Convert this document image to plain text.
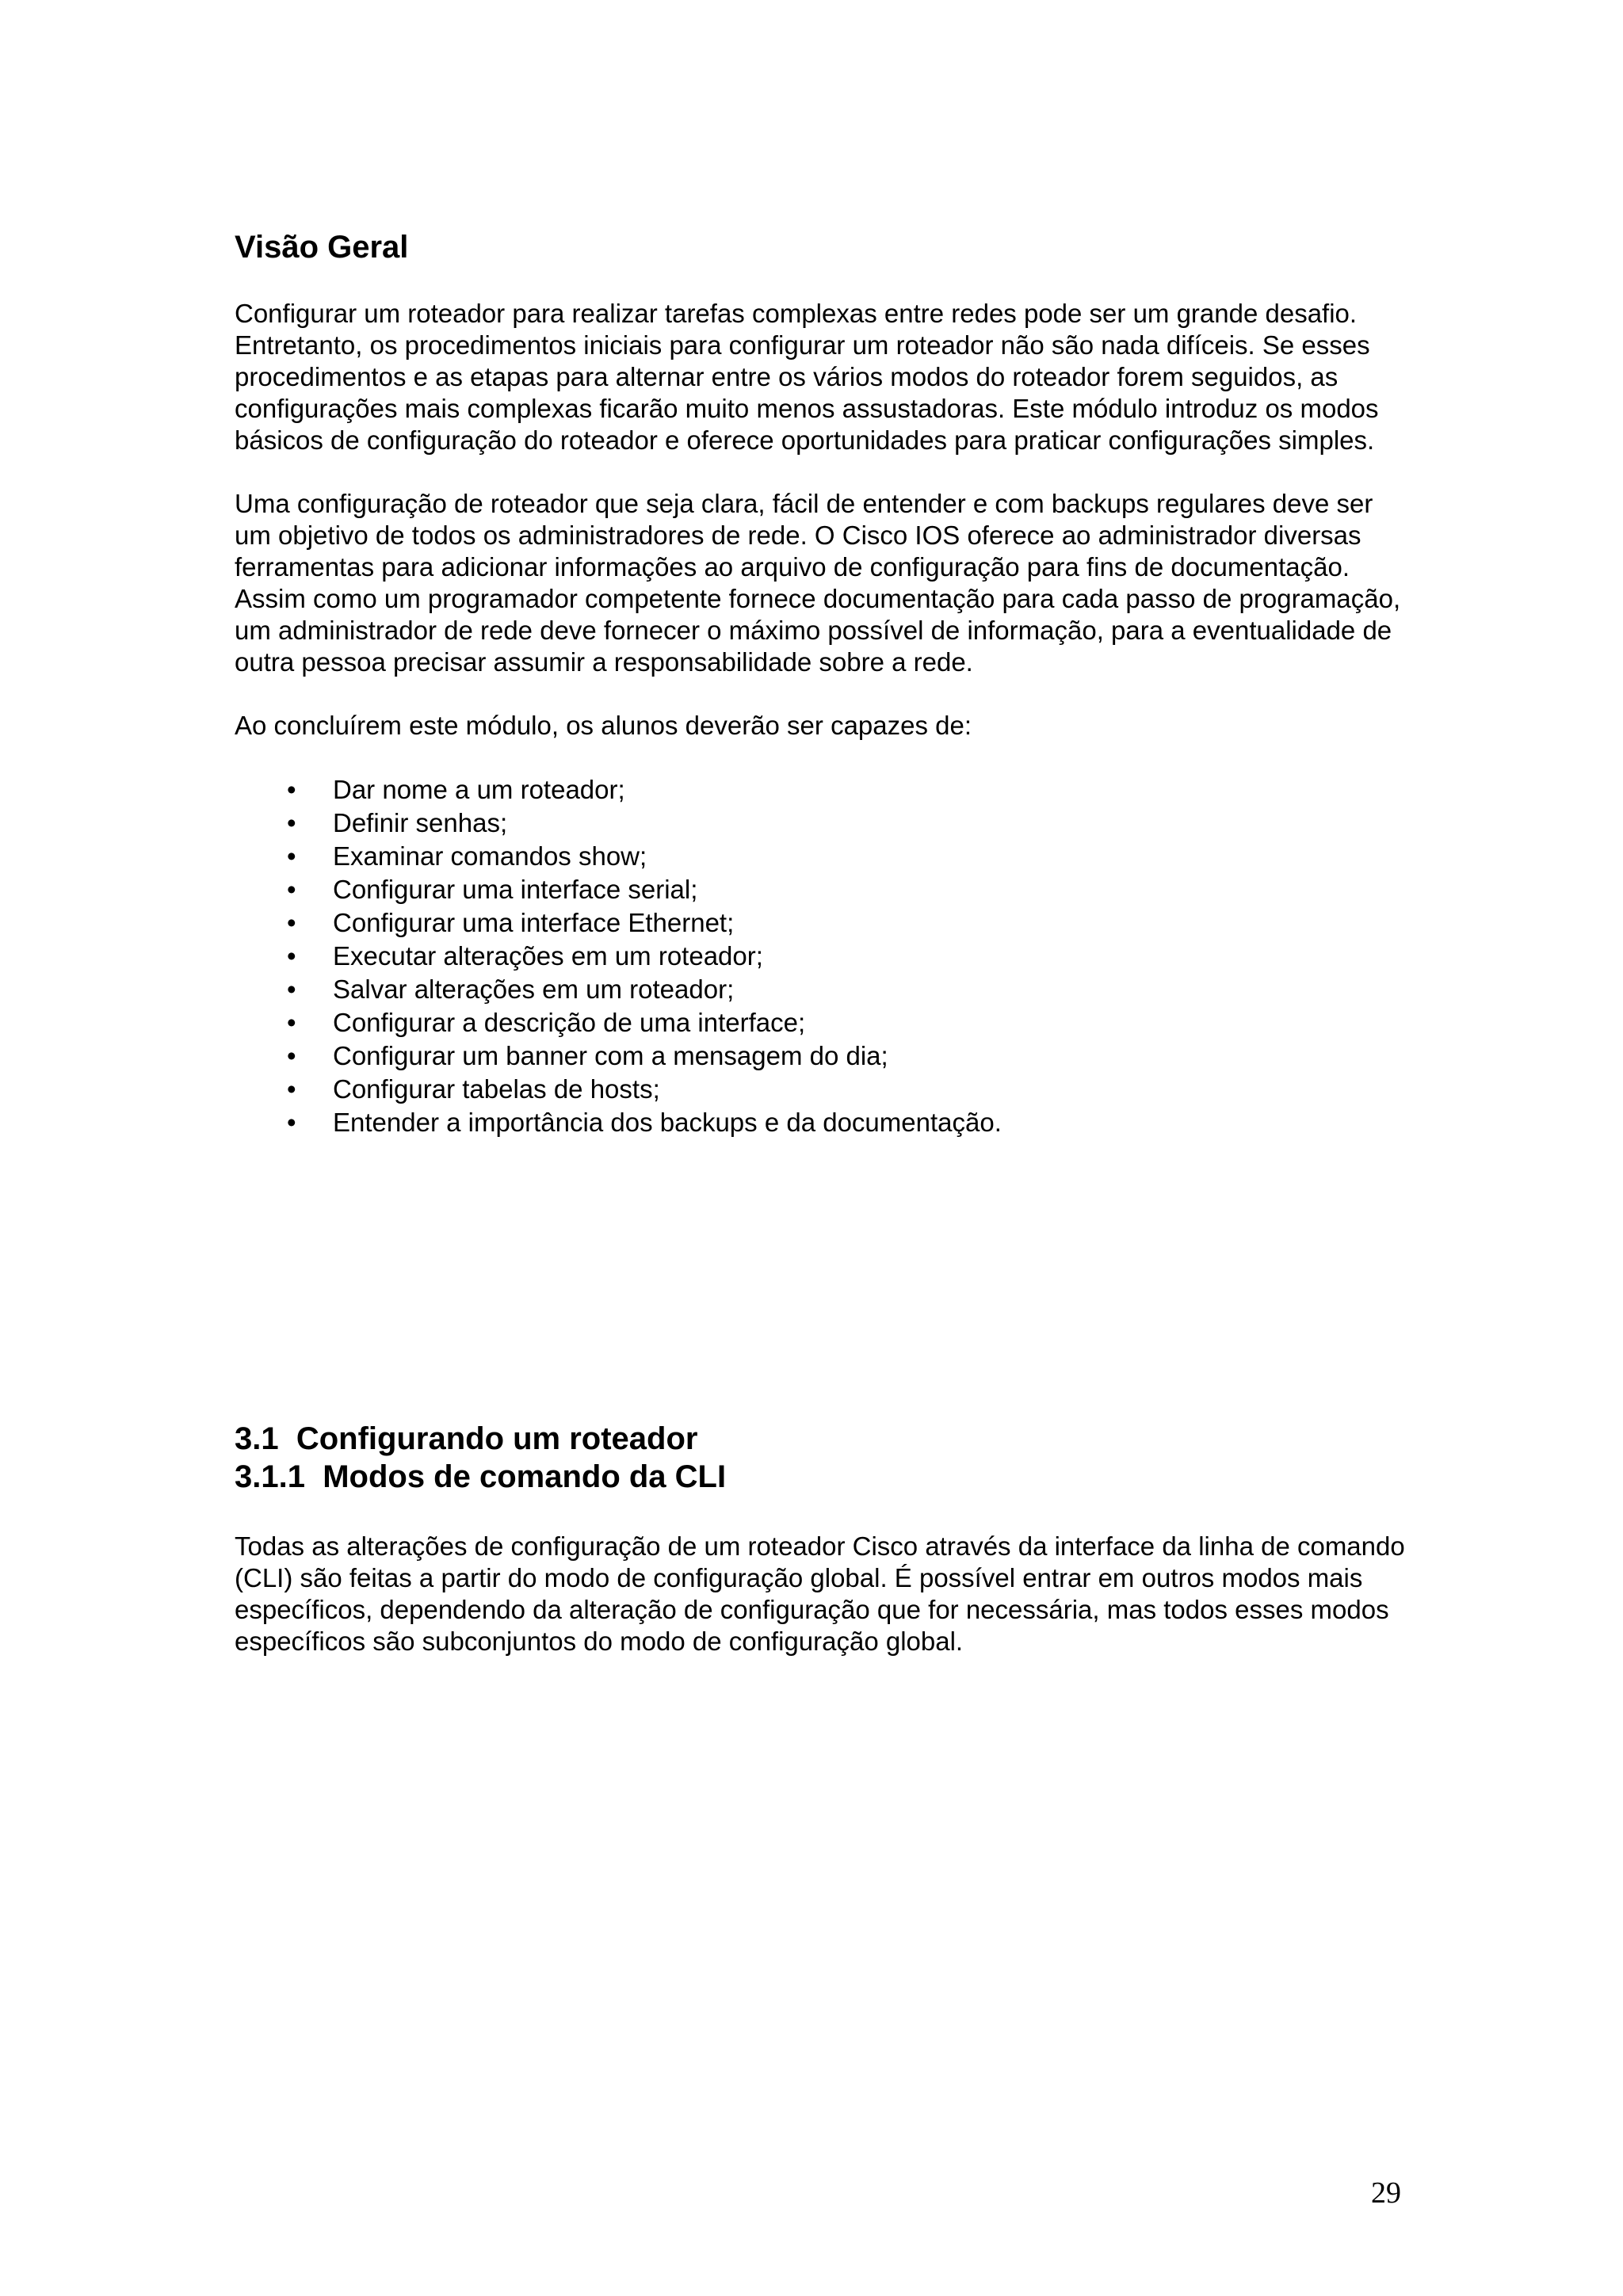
Visão Geral

Configurar um roteador para realizar tarefas complexas entre redes pode ser um grande desafio. Entretanto, os procedimentos iniciais para configurar um roteador não são nada difíceis. Se esses procedimentos e as etapas para alternar entre os vários modos do roteador forem seguidos, as configurações mais complexas ficarão muito menos assustadoras. Este módulo introduz os modos básicos de configuração do roteador e oferece oportunidades para praticar configurações simples.

Uma configuração de roteador que seja clara, fácil de entender e com backups regulares deve ser um objetivo de todos os administradores de rede. O Cisco IOS oferece ao administrador diversas ferramentas para adicionar informações ao arquivo de configuração para fins de documentação. Assim como um programador competente fornece documentação para cada passo de programação, um administrador de rede deve fornecer o máximo possível de informação, para a eventualidade de outra pessoa precisar assumir a responsabilidade sobre a rede.

Ao concluírem este módulo, os alunos deverão ser capazes de:

• Dar nome a um roteador;
• Definir senhas;
• Examinar comandos show;
• Configurar uma interface serial;
• Configurar uma interface Ethernet;
• Executar alterações em um roteador;
• Salvar alterações em um roteador;
• Configurar a descrição de uma interface;
• Configurar um banner com a mensagem do dia;
• Configurar tabelas de hosts;
• Entender a importância dos backups e da documentação.
3.1  Configurando um roteador
3.1.1  Modos de comando da CLI

Todas as alterações de configuração de um roteador Cisco através da interface da linha de comando (CLI) são feitas a partir do modo de configuração global. É possível entrar em outros modos mais específicos, dependendo da alteração de configuração que for necessária, mas todos esses modos específicos são subconjuntos do modo de configuração global.

29
